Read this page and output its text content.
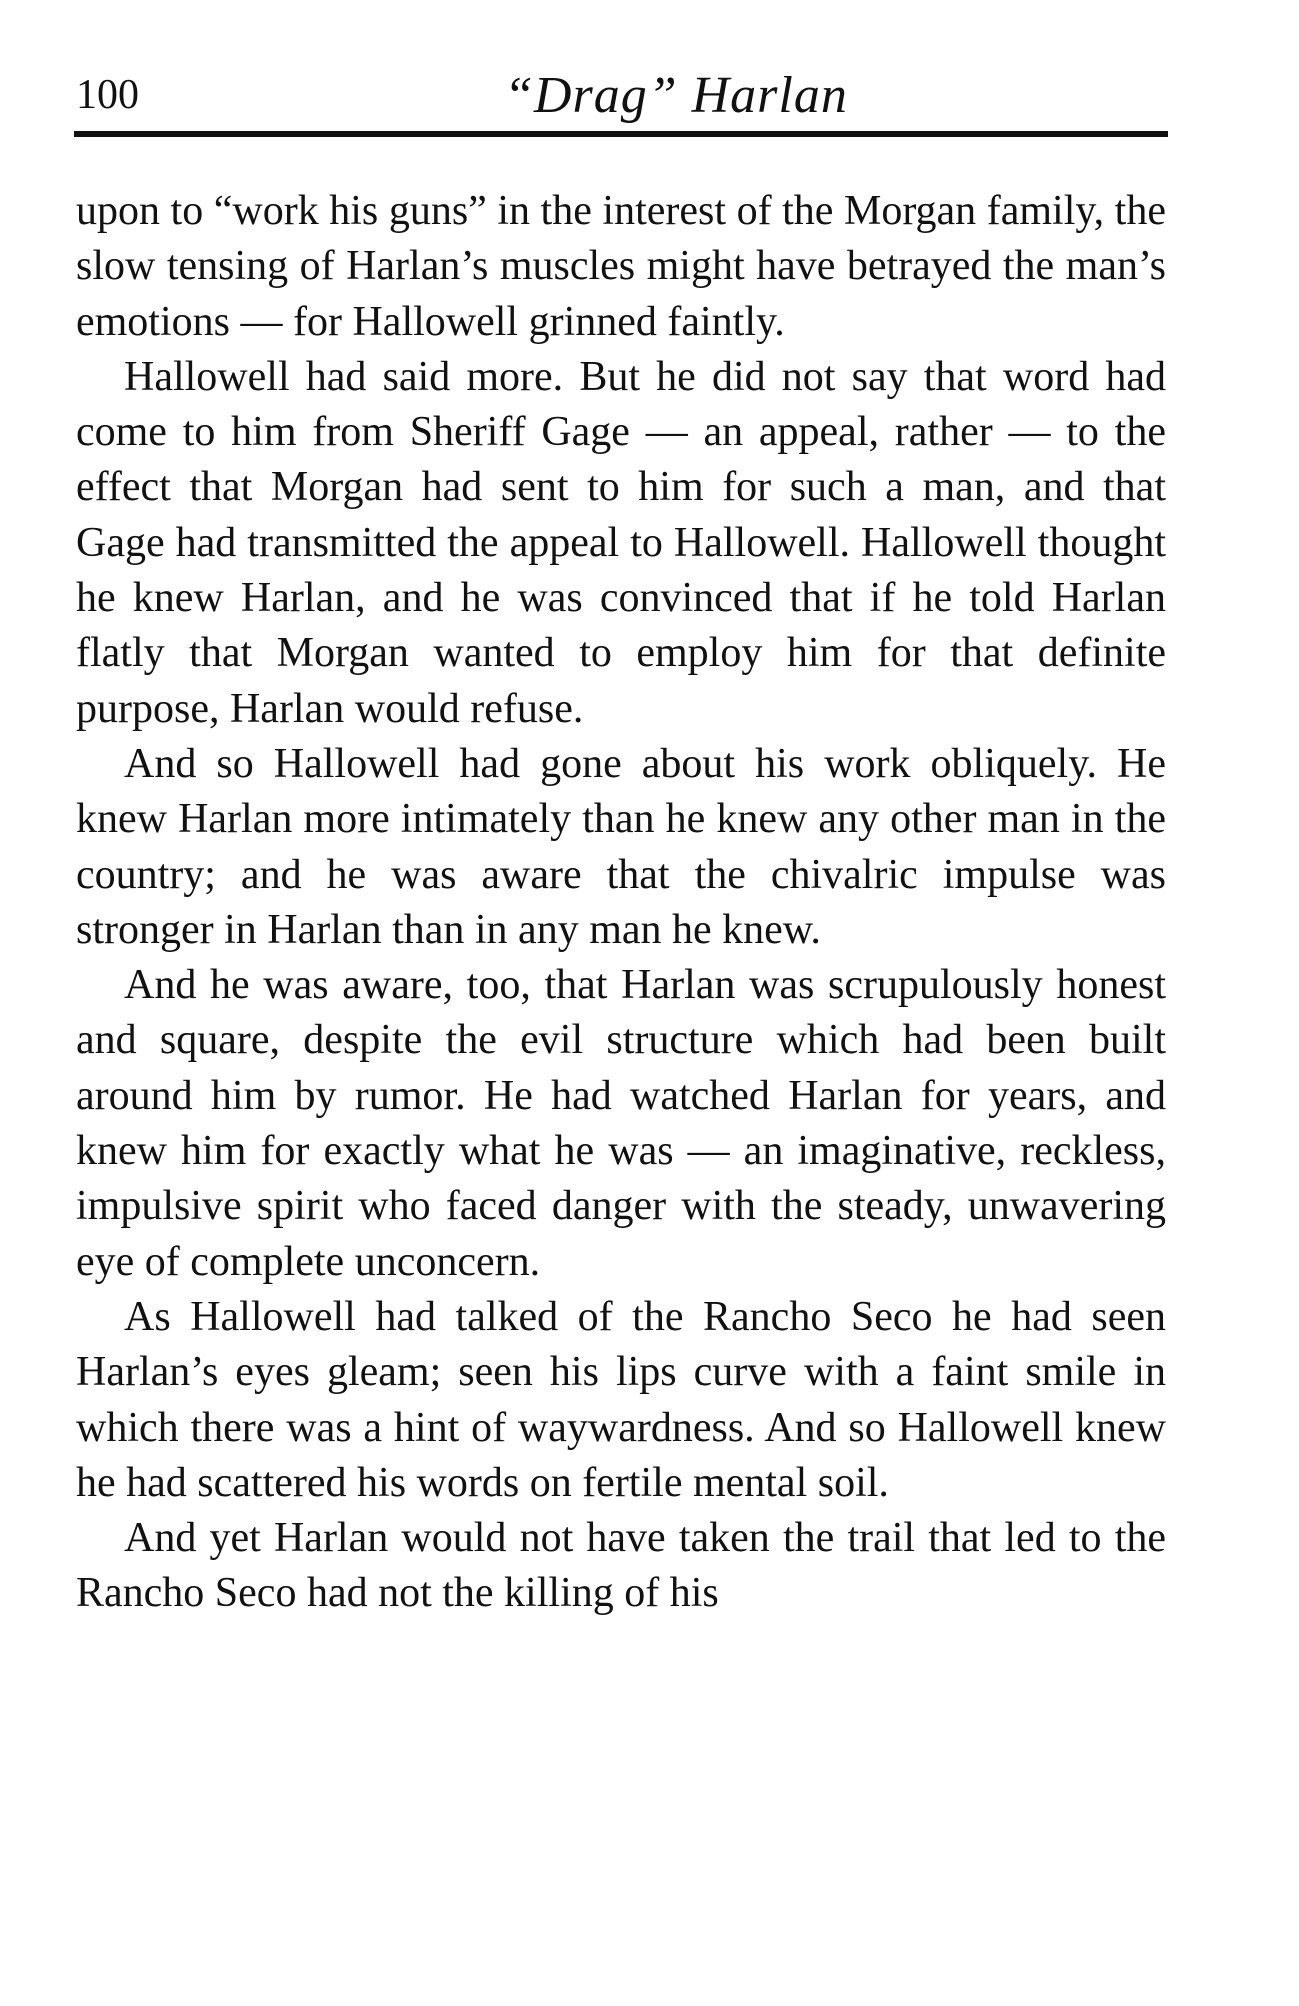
100	“Drag” Harlan

upon to “work his guns” in the interest of the Morgan family, the slow tensing of Harlan’s muscles might have betrayed the man’s emotions — for Hallowell grinned faintly.

Hallowell had said more. But he did not say that word had come to him from Sheriff Gage — an appeal, rather — to the effect that Morgan had sent to him for such a man, and that Gage had transmitted the appeal to Hallowell. Hallowell thought he knew Harlan, and he was convinced that if he told Harlan flatly that Morgan wanted to employ him for that definite purpose, Harlan would refuse.

And so Hallowell had gone about his work obliquely. He knew Harlan more intimately than he knew any other man in the country; and he was aware that the chivalric impulse was stronger in Harlan than in any man he knew.

And he was aware, too, that Harlan was scrupulously honest and square, despite the evil structure which had been built around him by rumor. He had watched Harlan for years, and knew him for exactly what he was — an imaginative, reckless, impulsive spirit who faced danger with the steady, unwavering eye of complete unconcern.

As Hallowell had talked of the Rancho Seco he had seen Harlan’s eyes gleam; seen his lips curve with a faint smile in which there was a hint of waywardness. And so Hallowell knew he had scattered his words on fertile mental soil.

And yet Harlan would not have taken the trail that led to the Rancho Seco had not the killing of his
